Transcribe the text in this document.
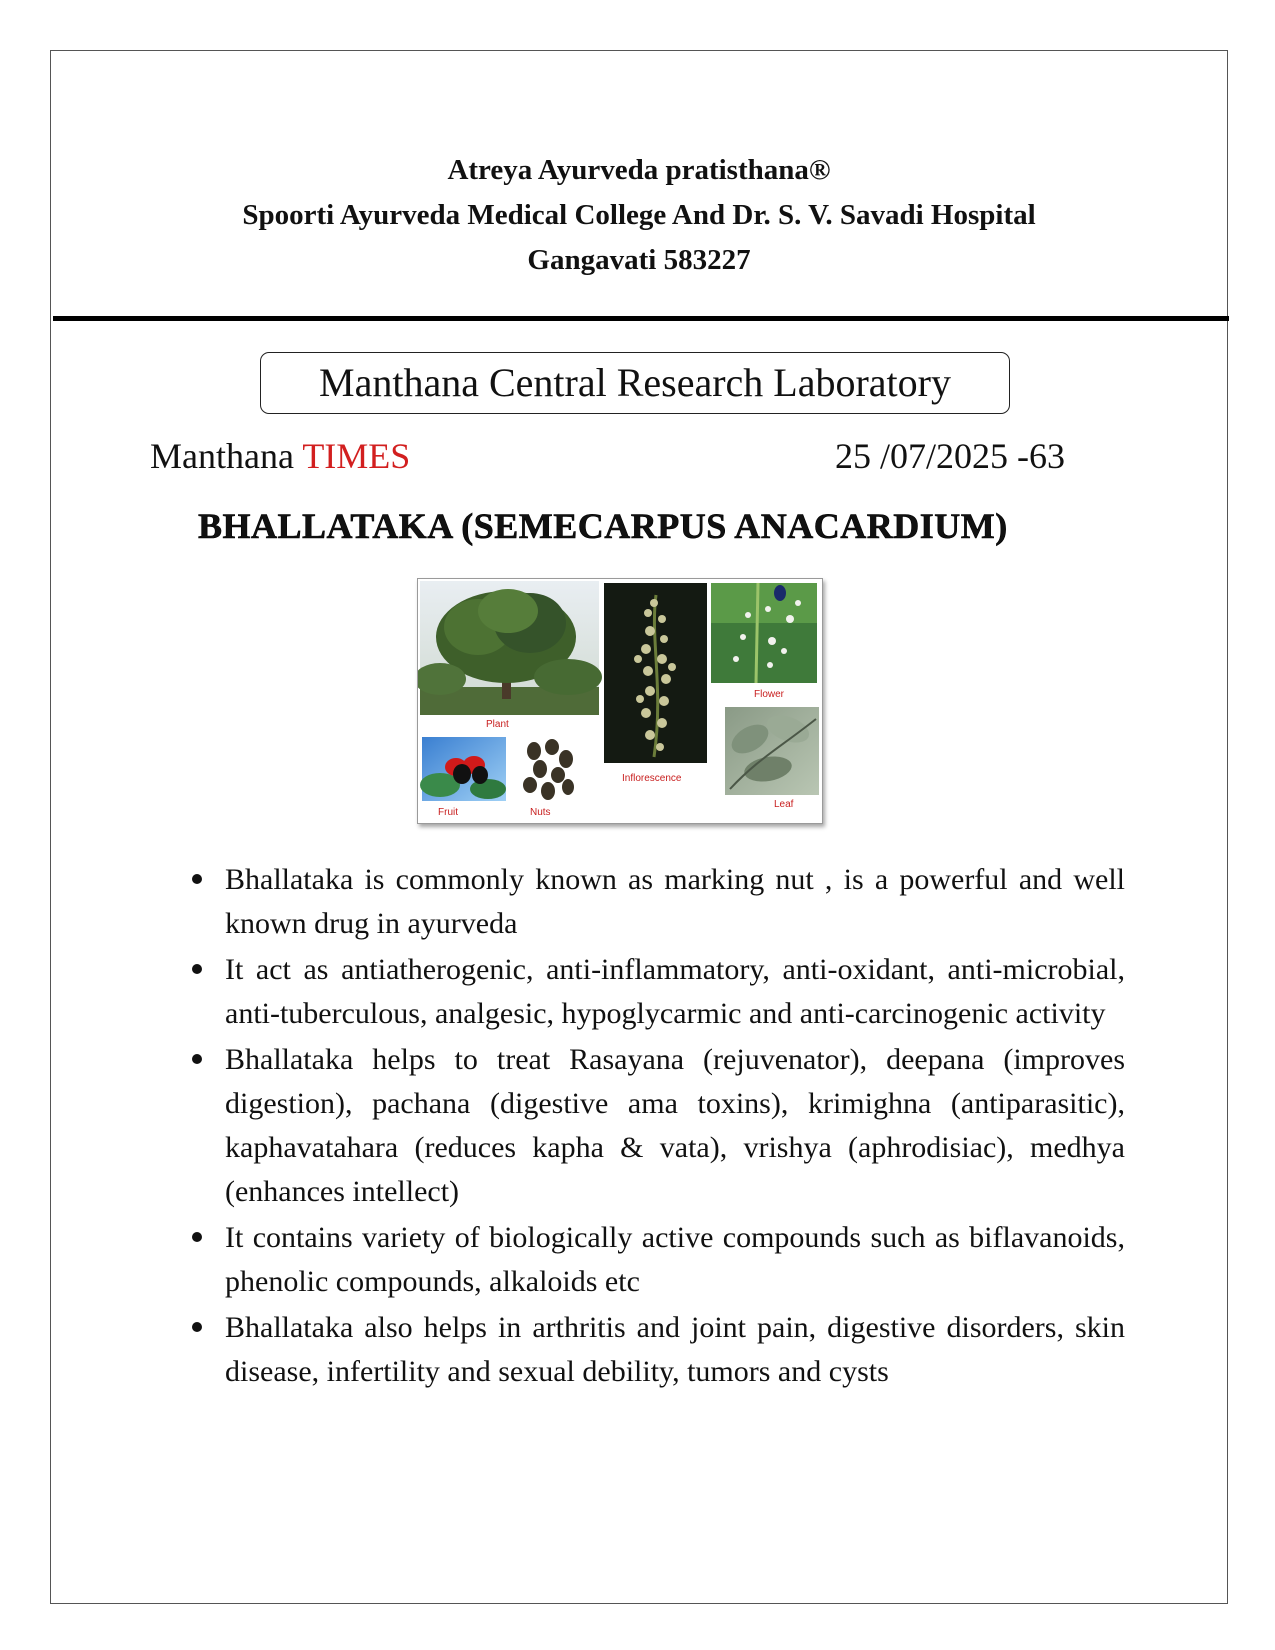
Atreya Ayurveda pratisthana®
Spoorti Ayurveda Medical College And Dr. S. V. Savadi Hospital
Gangavati 583227
Manthana Central Research Laboratory
Manthana TIMES	25 /07/2025 -63
BHALLATAKA (SEMECARPUS ANACARDIUM)
Plant
Fruit	Nuts
Inflorescence
Flower
Leaf
Bhallataka is commonly known as marking nut , is a powerful and well known drug in ayurveda
It act as antiatherogenic, anti-inflammatory, anti-oxidant, anti-microbial, anti-tuberculous, analgesic, hypoglycarmic and anti-carcinogenic activity
Bhallataka helps to treat Rasayana (rejuvenator), deepana (improves digestion), pachana (digestive ama toxins), krimighna (antiparasitic), kaphavatahara (reduces kapha & vata), vrishya (aphrodisiac), medhya (enhances intellect)
It contains variety of biologically active compounds such as biflavanoids, phenolic compounds, alkaloids etc
Bhallataka also helps in arthritis and joint pain, digestive disorders, skin disease, infertility and sexual debility, tumors and cysts
